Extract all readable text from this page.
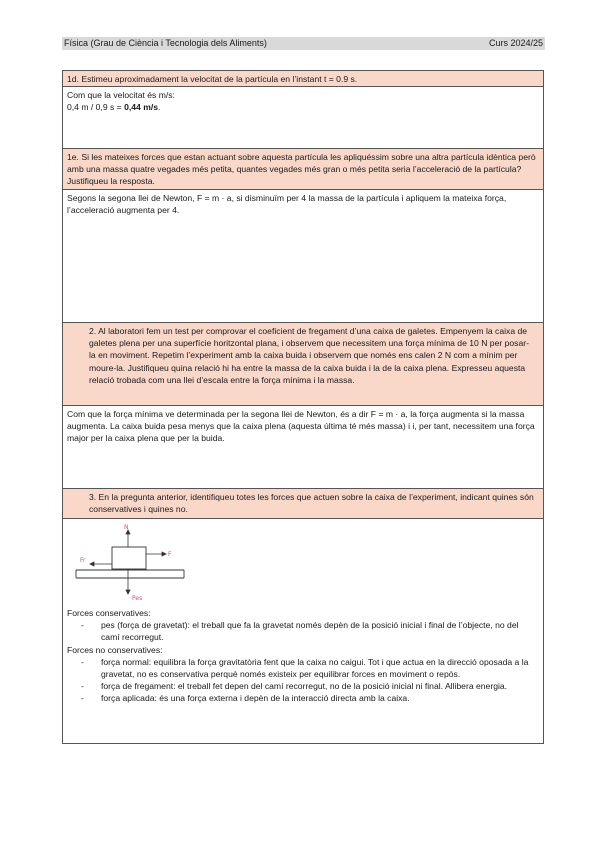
Física (Grau de Ciència i Tecnologia dels Aliments)	Curs 2024/25
1d. Estimeu aproximadament la velocitat de la partícula en l’instant t = 0.9 s.
Com que la velocitat és m/s:
0,4 m / 0,9 s = 0,44 m/s.
1e. Si les mateixes forces que estan actuant sobre aquesta partícula les apliquéssim sobre una altra partícula idèntica però amb una massa quatre vegades més petita, quantes vegades més gran o més petita seria l’acceleració de la partícula? Justifiqueu la resposta.
Segons la segona llei de Newton, F = m · a, si disminuïm per 4 la massa de la partícula i apliquem la mateixa força, l’acceleració augmenta per 4.
2. Al laboratori fem un test per comprovar el coeficient de fregament d’una caixa de galetes. Empenyem la caixa de galetes plena per una superfície horitzontal plana, i observem que necessitem una força mínima de 10 N per posar-la en moviment. Repetim l’experiment amb la caixa buida i observem que només ens calen 2 N com a mínim per moure-la. Justifiqueu quina relació hi ha entre la massa de la caixa buida i la de la caixa plena. Expresseu aquesta relació trobada com una llei d’escala entre la força mínima i la massa.
Com que la força mínima ve determinada per la segona llei de Newton, és a dir F = m · a, la força augmenta si la massa augmenta. La caixa buida pesa menys que la caixa plena (aquesta última té més massa) i i, per tant, necessitem una força major per la caixa plena que per la buida.
3. En la pregunta anterior, identifiqueu totes les forces que actuen sobre la caixa de l’experiment, indicant quines són conservatives i quines no.
Forces conservatives:
- pes (força de gravetat): el treball que fa la gravetat només depèn de la posició inicial i final de l’objecte, no del camí recorregut.
Forces no conservatives:
- força normal: equilibra la força gravitatòria fent que la caixa no caigui. Tot i que actua en la direcció oposada a la gravetat, no es conservativa perquè només existeix per equilibrar forces en moviment o repòs.
- força de fregament: el treball fet depen del camí recorregut, no de la posició inicial ni final. Allibera energia.
- força aplicada: és una força externa i depèn de la interacció directa amb la caixa.
N
Fr
F
Pes
